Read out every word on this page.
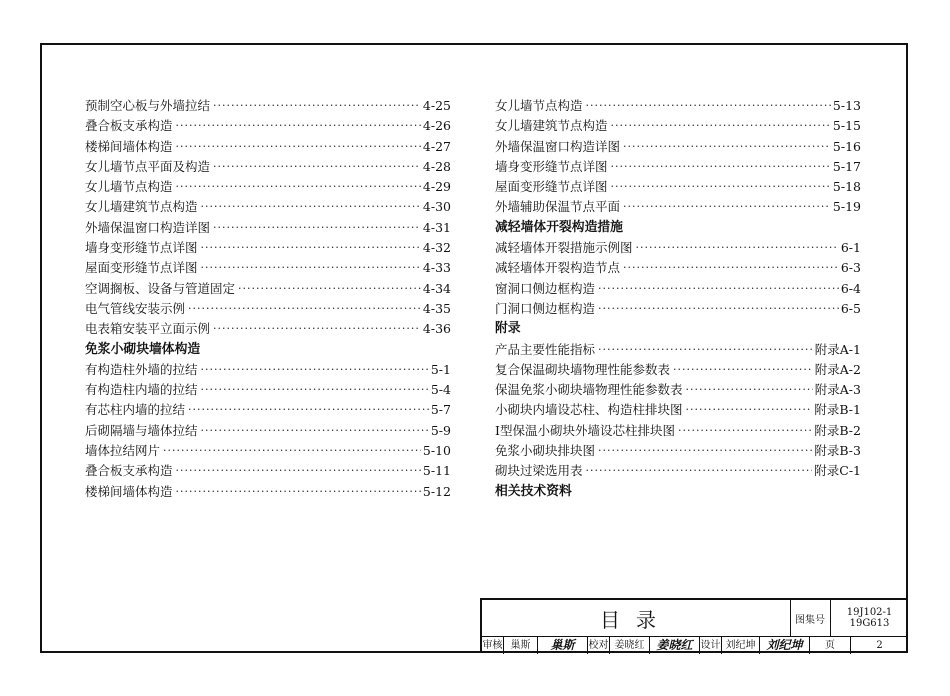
预制空心板与外墙拉结 ·····	4-25
叠合板支承构造 ·····	4-26
楼梯间墙体构造 ·····	4-27
女儿墙节点平面及构造 ·····	4-28
女儿墙节点构造 ·····	4-29
女儿墙建筑节点构造 ·····	4-30
外墙保温窗口构造详图 ·····	4-31
墙身变形缝节点详图 ·····	4-32
屋面变形缝节点详图 ·····	4-33
空调搁板、设备与管道固定 ·····	4-34
电气管线安装示例 ·····	4-35
电表箱安装平立面示例 ·····	4-36
免浆小砌块墙体构造
有构造柱外墙的拉结 ·····	5-1
有构造柱内墙的拉结 ·····	5-4
有芯柱内墙的拉结 ·····	5-7
后砌隔墙与墙体拉结 ·····	5-9
墙体拉结网片 ·····	5-10
叠合板支承构造 ·····	5-11
楼梯间墙体构造 ·····	5-12
女儿墙节点构造 ·····	5-13
女儿墙建筑节点构造 ·····	5-15
外墙保温窗口构造详图 ·····	5-16
墙身变形缝节点详图 ·····	5-17
屋面变形缝节点详图 ·····	5-18
外墙辅助保温节点平面 ·····	5-19
减轻墙体开裂构造措施
减轻墙体开裂措施示例图 ·····	6-1
减轻墙体开裂构造节点 ·····	6-3
窗洞口侧边框构造 ·····	6-4
门洞口侧边框构造 ·····	6-5
附录
产品主要性能指标 ·····	附录A-1
复合保温砌块墙物理性能参数表 ·····	附录A-2
保温免浆小砌块墙物理性能参数表 ·····	附录A-3
小砌块内墙设芯柱、构造柱排块图 ·····	附录B-1
I型保温小砌块外墙设芯柱排块图 ·····	附录B-2
免浆小砌块排块图 ·····	附录B-3
砌块过梁选用表 ·····	附录C-1
相关技术资料
目录	图集号
19J102-1
19G613
审核 巢斯	巢斯	校对 姜晓红 姜晓红 设计 刘纪坤 刘纪坤	页	2
